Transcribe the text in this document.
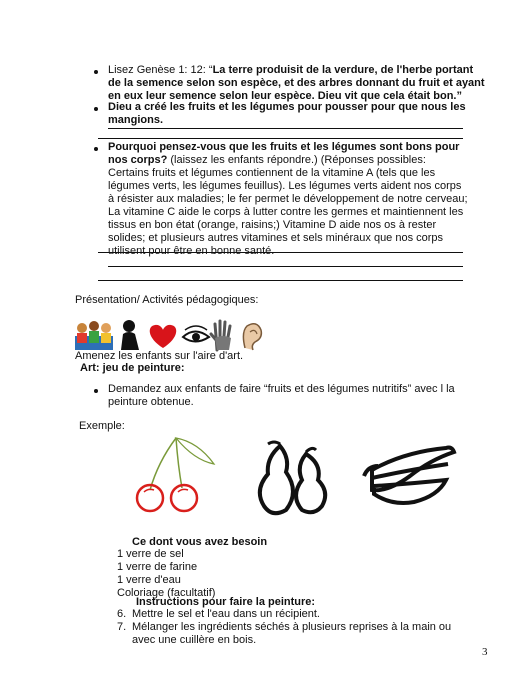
Lisez Genèse 1: 12: “La terre produisit de la verdure, de l'herbe portant de la semence selon son espèce, et des arbres donnant du fruit et ayant en eux leur semence selon leur espèce. Dieu vit que cela était bon.”
Dieu a créé les fruits et les légumes pour pousser pour que nous les mangions.
Pourquoi pensez-vous que les fruits et les légumes sont bons pour nos corps? (laissez les enfants répondre.) (Réponses possibles: Certains fruits et légumes contiennent de la vitamine A (tels que les légumes verts, les légumes feuillus). Les légumes verts aident nos corps à résister aux maladies; le fer permet le développement de notre cerveau; La vitamine C aide le corps à lutter contre les germes et maintiennent les tissus en bon état (orange, raisins;) Vitamine D aide nos os à rester solides; et plusieurs autres vitamines et sels minéraux que nos corps utilisent pour être en bonne santé.
Présentation/ Activités pédagogiques:
Amenez les enfants sur l'aire d'art.
Art: jeu de peinture:
Demandez aux enfants de faire “fruits et des légumes nutritifs” avec l la peinture obtenue.
Exemple:
Ce dont vous avez besoin
1 verre de sel
1 verre de farine
1 verre d'eau
Coloriage (facultatif)
Instructions pour faire la peinture:
6. Mettre le sel et l'eau dans un récipient.
7. Mélanger les ingrédients séchés à plusieurs reprises à la main ou avec une cuillère en bois.
3
